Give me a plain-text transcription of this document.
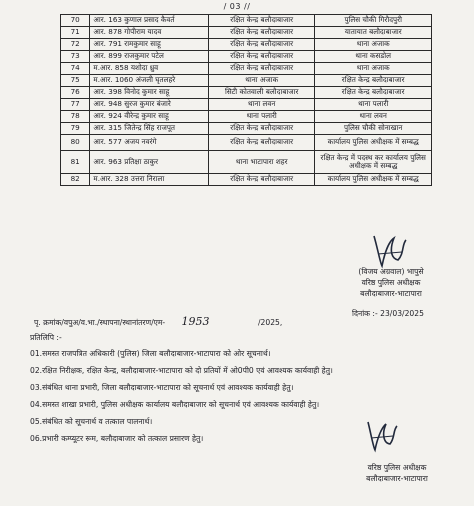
/ 03 //
70	आर. 163 कुणाल प्रसाद कैवर्त	रक्षित केन्द्र बलौदाबाजार	पुलिस चौकी गिरौदपुरी
71	आर. 878 गोपीराम यादव	रक्षित केन्द्र बलौदाबाजार	यातायात बलौदाबाजार
72	आर. 791 रामकुमार साहू	रक्षित केन्द्र बलौदाबाजार	थाना अजाक
73	आर. 899 राजकुमार पटेल	रक्षित केन्द्र बलौदाबाजार	थाना कसडोल
74	म.आर. 858 यशोदा ध्रुव	रक्षित केन्द्र बलौदाबाजार	थाना अजाक
75	म.आर. 1060 अंजली घृतलहरे	थाना अजाक	रक्षित केन्द्र बलौदाबाजार
76	आर. 398 विनोद कुमार साहू	सिटी कोतवाली बलौदाबाजार	रक्षित केन्द्र बलौदाबाजार
77	आर. 948 सुरज कुमार बंजारे	थाना लवन	थाना पलारी
78	आर. 924 वीरेन्द्र कुमार साहू	थाना पलारी	थाना लवन
79	आर. 315 जितेन्द्र सिंह राजपूत	रक्षित केन्द्र बलौदाबाजार	पुलिस चौकी सोनाखान
80	आर. 577 अजय नवरंगे	रक्षित केन्द्र बलौदाबाजार	कार्यालय पुलिस अधीक्षक में सम्बद्ध
81	आर. 963 प्रतिक्षा ठाकुर	थाना भाटापारा शहर	रक्षित केन्द्र में पदस्थ कर कार्यालय पुलिस अधीक्षक में सम्बद्ध
82	म.आर. 328 उत्तरा निराला	रक्षित केन्द्र बलौदाबाजार	कार्यालय पुलिस अधीक्षक में सम्बद्ध
(विजय अग्रवाल) भापुसे
वरिष्ठ पुलिस अधीक्षक
बलौदाबाजार-भाटापारा
दिनांक :- 23/03/2025
पृ. क्रमांक/वपुअ/व.भा./स्थापना/स्थानांतरण/एम- 1953	/2025,
प्रतिलिपि :-
01.समस्त राजपत्रित अधिकारी (पुलिस) जिला बलौदाबाजार-भाटापारा को ओर सूचनार्थ।
02.रक्षित निरीक्षक, रक्षित केन्द्र, बलौदाबाजार-भाटापारा को दो प्रतियों में ओ0पी0 एवं आवश्यक कार्यवाही हेतु।
03.संबंधित थाना प्रभारी, जिला बलौदाबाजार-भाटापारा को सूचनार्थ एवं आवश्यक कार्यवाही हेतु।
04.समस्त शाखा प्रभारी, पुलिस अधीक्षक कार्यालय बलौदाबाजार को सूचनार्थ एवं आवश्यक कार्यवाही हेतु।
05.संबंधित को सूचनार्थ व तत्काल पालनार्थ।
06.प्रभारी कम्प्यूटर रूम, बलौदाबाजार को तत्काल प्रसारण हेतु।
वरिष्ठ पुलिस अधीक्षक
बलौदाबाजार-भाटापारा
